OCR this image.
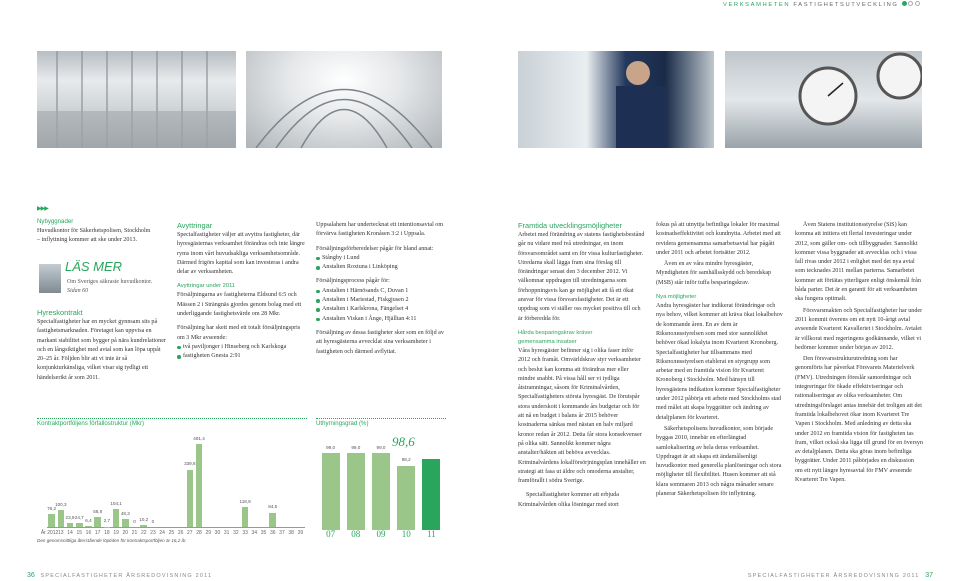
VERKSAMHETEN FASTIGHETSUTVECKLING
▶▶▶
Nybyggnader
Huvudkontor för Säkerhetspolisen, Stockholm
– inflyttning kommer att ske under 2013.
LÄS MER
Om Sveriges säkraste huvudkontor.
Sidan 60
Hyreskontrakt

Specialfastigheter har en mycket gynnsam sits på fastighetsmarknaden. Företaget kan uppvisa en markant stabilitet som bygger på nära kundrelationer och en långsiktighet med avtal som kan löpa uppåt 20–25 år. Följden blir att vi inte är så konjunkturkänsliga, vilket visar sig tydligt ett händelserikt år som 2011.

Avyttringar

Specialfastigheter väljer att avyttra fastigheter, där hyresgästernas verksamhet förändras och inte längre ryms inom vårt huvudsakliga verksamhetsområde. Därmed frigörs kapital som kan investeras i andra delar av verksamheten.

Avyttringar under 2011

Försäljningarna av fastigheterna Eldsund 6:5 och Mässen 2 i Strängnäs gjordes genom bolag med ett underliggande fastighetsvärde om 28 Mkr.

Försäljning har skett med ett totalt försäljningspris om 3 Mkr avseende:

två paviljonger i Hinseberg och Karlskoga
fastigheten Gnesta 2:91

Uppsalahem har undertecknat ett intentionsavtal om förvärva fastigheten Kronåsen 3:2 i Uppsala.

Försäljningsförberedelser pågår för bland annat:

Stångby i Lund
Anstalten Roxtuna i Linköping

Försäljningsprocess pågår för:

Anstalten i Härnösands C, Duvan 1
Anstalten i Mariestad, Fiskgjusen 2
Anstalten i Karlskrona, Fängelset 4
Anstalten Viskan i Ånge, Hjälltan 4:11

Försäljning av dessa fastigheter sker som en följd av att hyresgästerna avvecklat sina verksamheter i fastigheten och därmed avflyttat.

Kontraktportföljens förfallostruktur (Mkr)
76,2
100,3
23,9 24,7
6,4
58,8
2,7
104,1
48,3
0 10,2 0
339,8
491,4
118,9
84,5
År 2012 13 14 15 16 17 18 19 20 21 22 23 24 25 26 27 28 29 30 31 32 33 34 35 36 37 38 39
Den genomsnittliga återstående löptiden för kontraktsportföljen är 16,2 år.
Uthyrningsgrad (%)
99,0	99,0	99,0
98,2
07 08 09 10 11
98,6
Framtida utvecklingsmöjligheter

Arbetet med förändring av statens fastighetsbestånd går nu vidare med två utredningar, en inom försvarsområdet samt en för vissa kulturfastigheter. Utredarna skall lägga fram sina förslag till förändringar senast den 3 december 2012. Vi välkomnar uppdragen till utredningarna som förhoppningsvis kan ge möjlighet att få ett ökat ansvar för vissa försvarsfastigheter. Det är ett uppdrag som vi ställer oss mycket positiva till och är förberedda för.

Hårda besparingskrav kräver gemensamma insatser

Våra hyresgäster befinner sig i olika faser inför 2012 och framåt. Omvärldskrav styr verksamheter och beslut kan komma att förändras mer eller mindre snabbt. På vissa håll ser vi tydliga åtstramningar, såsom för Kriminalvården, Specialfastigheters största hyresgäst. De förutspår stora underskott i kommande års budgetar och för att nå en budget i balans år 2015 behöver kostnaderna sänkas med nästan en halv miljard kronor redan år 2012. Detta får stora konsekvenser på olika sätt. Sannolikt kommer några anstalter/häkten att behöva avvecklas. Kriminalvårdens lokalförsörjningsplan innehåller en strategi att fasa ut äldre och omoderna anstalter, framförallt i södra Sverige.

Specialfastigheter kommer att erbjuda Kriminalvården olika lösningar med stort

fokus på att utnyttja befintliga lokaler för maximal kostnadseffektivitet och kundnytta. Arbetet med att revidera gemensamma samarbetsavtal har pågått under 2011 och arbetet fortsätter 2012.

Även en av våra mindre hyresgäster, Myndigheten för samhällsskydd och beredskap (MSB) står inför tuffa besparingskrav.

Nya möjligheter

Andra hyresgäster har indikerat förändringar och nya behov, vilket kommer att kräva ökat lokalbehov de kommande åren. En av dem är Riksполиsstyrelsen som med stor sannolikhet behöver ökad lokalyta inom Kvarteret Kronoberg. Specialfastigheter har tillsammans med Riksполиsstyrelsen etablerat en styrgrupp som arbetar med en framtida vision för Kvarteret Kronoberg i Stockholm. Med hänsyn till hyresgästens indikation kommer Specialfastigheter under 2012 påbörja ett arbete med Stockholms stad med målet att skapa byggrätter och ändring av detaljplanen för kvarteret.

Säkerhetspolisens huvudkontor, som började byggas 2010, innebär en efterlängtad samlokalisering av hela deras verksamhet. Uppdraget är att skapa ett ändamålsenligt huvudkontor med generella planlösningar och stora möjligheter till flexibilitet. Husen kommer att stå klara sommaren 2013 och några månader senare planerar Säkerhetspolisen för inflyttning.

Även Statens institutionsstyrelse (SiS) kan komma att initiera ett flertal investeringar under 2012, som gäller om- och tillbyggnader. Sannolikt kommer vissa byggnader att avvecklas och i vissa fall rivas under 2012 i enlighet med det nya avtal som tecknades 2011 mellan parterna. Samarbetet kommer att förtätas ytterligare enligt önskemål från båda parter. Det är en garanti för att verksamheten ska fungera optimalt.

Försvarsmakten och Specialfastigheter har under 2011 kommit överens om ett nytt 10-årigt avtal avseende Kvarteret Kavalleriet i Stockholm. Avtalet är villkorat med regeringens godkännande, vilket vi bedömer kommer under början av 2012.

Den försvarsstrukturutredning som har genomförts har påverkat Försvarets Materielverk (FMV). Utredningen föreslår samordningar och integreringar för ökade effektiviseringar och rationaliseringar av olika verksamheter. Om utredningsförslaget antas innebär det troligen att det framtida lokalbehovet ökar inom Kvarteret Tre Vapen i Stockholm. Med anledning av detta ska under 2012 en framtida vision för fastigheten tas fram, vilket också ska ligga till grund för en översyn av detaljplanen. Detta ska göras inom befintliga byggrätter. Under 2011 påbörjades en diskussion om ett nytt längre hyresavtal för FMV avseende Kvarteret Tre Vapen.

36 SPECIALFASTIGHETER ÅRSREDOVISNING 2011	SPECIALFASTIGHETER ÅRSREDOVISNING 2011 37
